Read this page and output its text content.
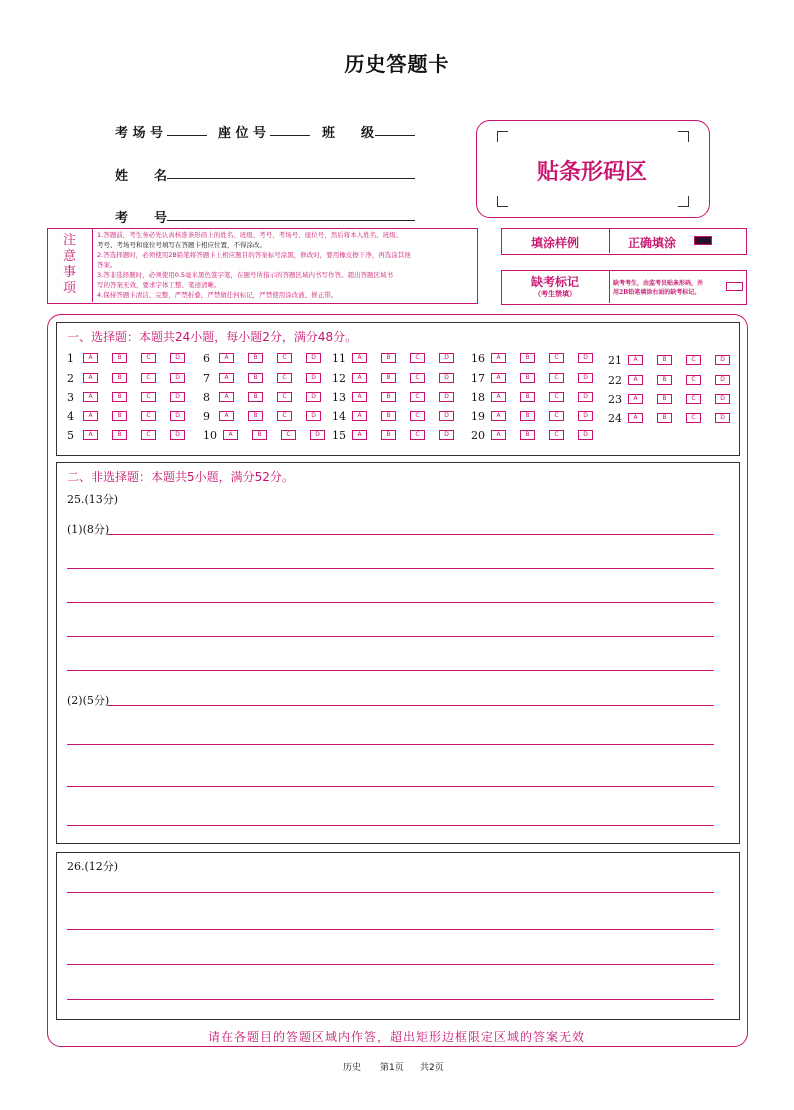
历史答题卡
考 场 号	座 位 号	班　　级
姓　　名
考　　号
贴条形码区
注
意
事
项
1.答题前，考生务必先认真核准条形码上的姓名、班级、考号、考场号、座位号，然后将本人姓名、班级、
考号、考场号和座位号填写在答题卡相应位置，不得涂改。
2.答选择题时，必须使用2B铅笔将答题卡上相应题目的答案标号涂黑，修改时，要用橡皮擦干净，再选涂其他
答案。
3.答非选择题时，必须使用0.5毫米黑色签字笔，在题号所指示的答题区域内书写作答。超出答题区域书
写的答案无效，要求字体工整、笔迹清晰。
4.保持答题卡清洁、完整，严禁折叠，严禁做任何标记，严禁使用涂改液、修正带。
填涂样例	正确填涂
缺考标记
（考生禁填）
缺考考生，由监考员贴条形码，并
用2B铅笔填涂右面的缺考标记。
一、选择题：本题共24小题，每小题2分，满分48分。
1	A	B	C	D
2	A	B	C	D
3	A	B	C	D
4	A	B	C	D
5	A	B	C	D
6	A	B	C	D
7	A	B	C	D
8	A	B	C	D
9	A	B	C	D
10	A	B	C	D
11	A	B	C	D
12	A	B	C	D
13	A	B	C	D
14	A	B	C	D
15	A	B	C	D
16	A	B	C	D
17	A	B	C	D
18	A	B	C	D
19	A	B	C	D
20	A	B	C	D
21	A	B	C	D
22	A	B	C	D
23	A	B	C	D
24	A	B	C	D
二、非选择题：本题共5小题，满分52分。
25.(13分)
(1)(8分)
(2)(5分)
26.(12分)
请在各题目的答题区域内作答，超出矩形边框限定区域的答案无效
历史 第1页 共2页
